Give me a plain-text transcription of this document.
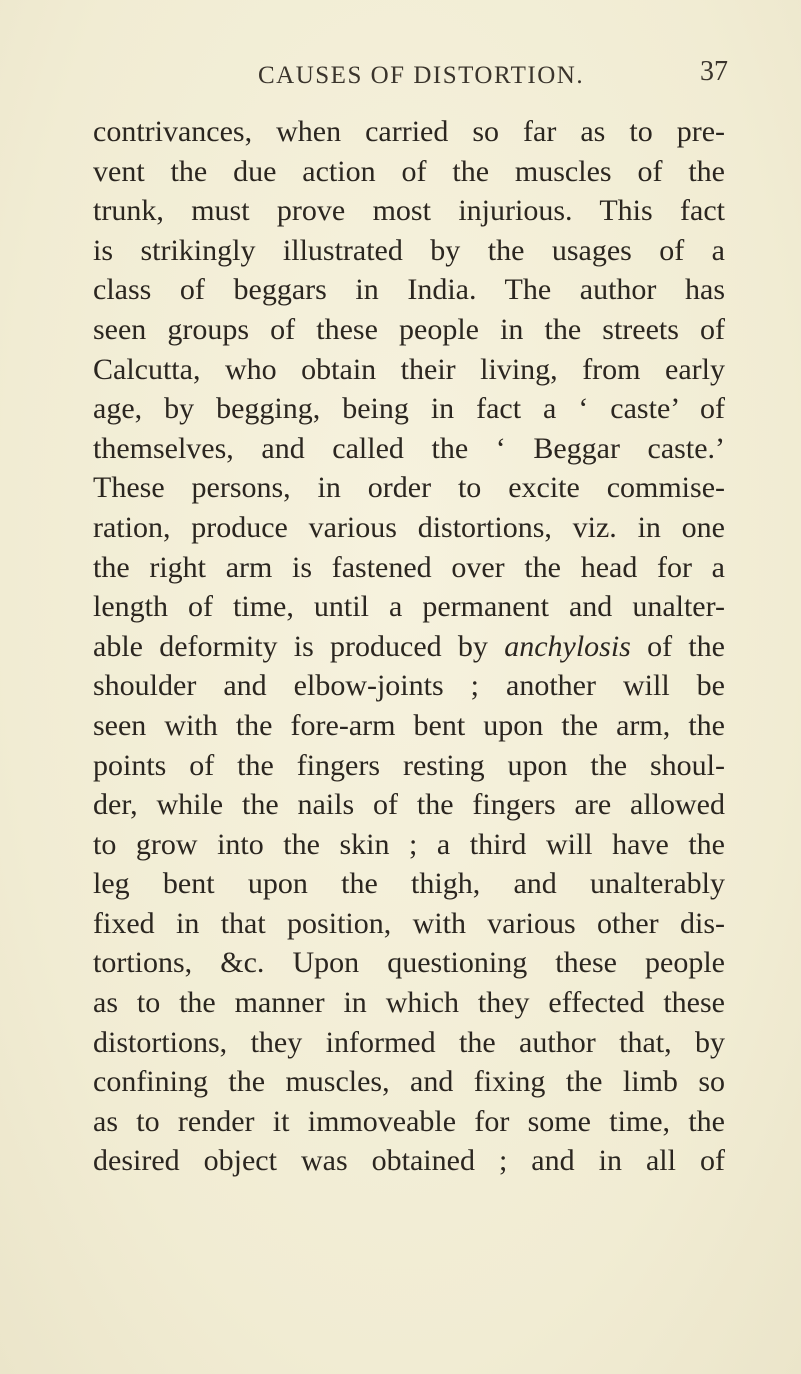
CAUSES OF DISTORTION.	37
contrivances, when carried so far as to pre-
vent the due action of the muscles of the
trunk, must prove most injurious. This fact
is strikingly illustrated by the usages of a
class of beggars in India. The author has
seen groups of these people in the streets of
Calcutta, who obtain their living, from early
age, by begging, being in fact a ‘ caste’ of
themselves, and called the ‘ Beggar caste.’
These persons, in order to excite commise-
ration, produce various distortions, viz. in one
the right arm is fastened over the head for a
length of time, until a permanent and unalter-
able deformity is produced by anchylosis of the
shoulder and elbow-joints ; another will be
seen with the fore-arm bent upon the arm, the
points of the fingers resting upon the shoul-
der, while the nails of the fingers are allowed
to grow into the skin ; a third will have the
leg bent upon the thigh, and unalterably
fixed in that position, with various other dis-
tortions, &c. Upon questioning these people
as to the manner in which they effected these
distortions, they informed the author that, by
confining the muscles, and fixing the limb so
as to render it immoveable for some time, the
desired object was obtained ; and in all of
